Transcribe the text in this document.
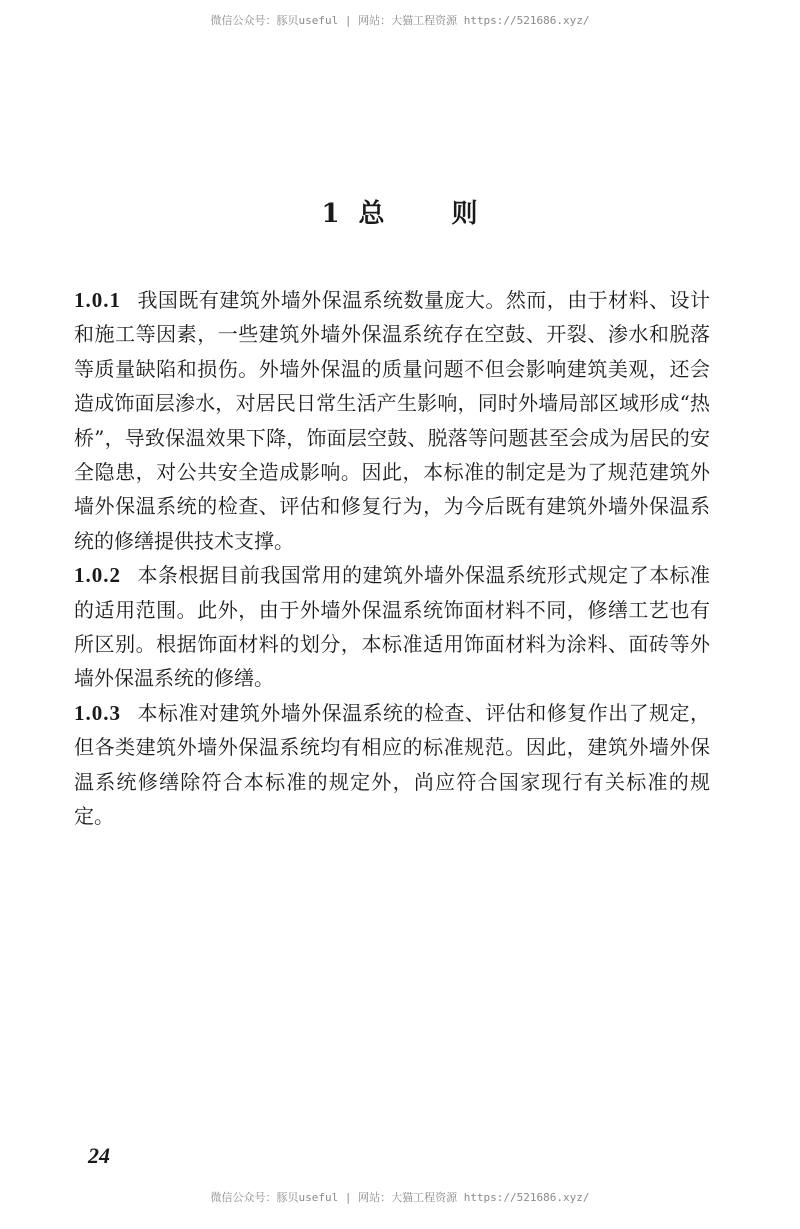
微信公众号：豚贝useful | 网站：大猫工程资源 https://521686.xyz/
1 总	则

1.0.1 我国既有建筑外墙外保温系统数量庞大。然而，由于材料、设计和施工等因素，一些建筑外墙外保温系统存在空鼓、开裂、渗水和脱落等质量缺陷和损伤。外墙外保温的质量问题不但会影响建筑美观，还会造成饰面层渗水，对居民日常生活产生影响，同时外墙局部区域形成“热桥”，导致保温效果下降，饰面层空鼓、脱落等问题甚至会成为居民的安全隐患，对公共安全造成影响。因此，本标准的制定是为了规范建筑外墙外保温系统的检查、评估和修复行为，为今后既有建筑外墙外保温系统的修缮提供技术支撑。

1.0.2 本条根据目前我国常用的建筑外墙外保温系统形式规定了本标准的适用范围。此外，由于外墙外保温系统饰面材料不同，修缮工艺也有所区别。根据饰面材料的划分，本标准适用饰面材料为涂料、面砖等外墙外保温系统的修缮。

1.0.3 本标准对建筑外墙外保温系统的检查、评估和修复作出了规定，但各类建筑外墙外保温系统均有相应的标准规范。因此，建筑外墙外保温系统修缮除符合本标准的规定外，尚应符合国家现行有关标准的规定。

24
微信公众号：豚贝useful | 网站：大猫工程资源 https://521686.xyz/
